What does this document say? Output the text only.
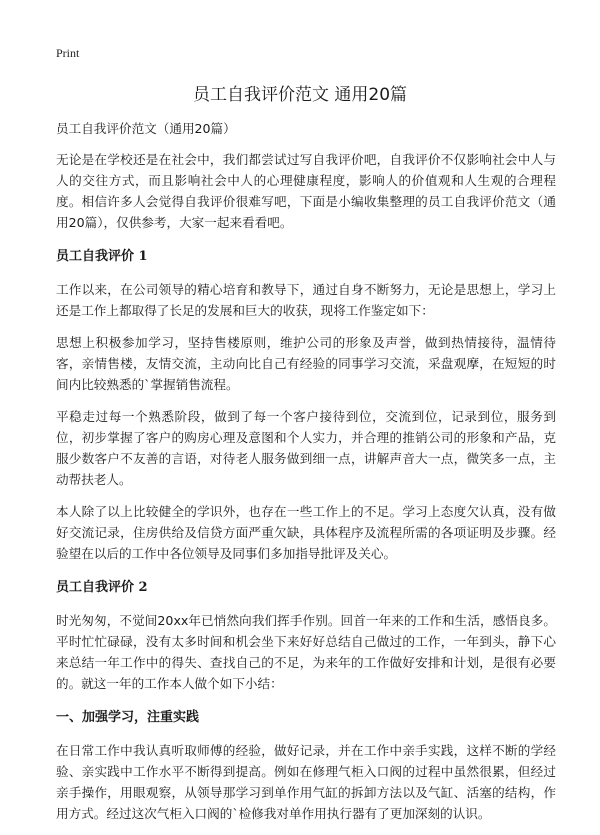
Print
员工自我评价范文 通用20篇

员工自我评价范文（通用20篇）

无论是在学校还是在社会中，我们都尝试过写自我评价吧，自我评价不仅影响社会中人与人的交往方式，而且影响社会中人的心理健康程度，影响人的价值观和人生观的合理程度。相信许多人会觉得自我评价很难写吧，下面是小编收集整理的员工自我评价范文（通用20篇），仅供参考，大家一起来看看吧。

员工自我评价 1

工作以来，在公司领导的精心培育和教导下，通过自身不断努力，无论是思想上，学习上还是工作上都取得了长足的发展和巨大的收获，现将工作鉴定如下：

思想上积极参加学习，坚持售楼原则，维护公司的形象及声誉，做到热情接待，温情待客，亲情售楼，友情交流，主动向比自己有经验的同事学习交流，采盘观摩，在短短的时间内比较熟悉的`掌握销售流程。

平稳走过每一个熟悉阶段，做到了每一个客户接待到位，交流到位，记录到位，服务到位，初步掌握了客户的购房心理及意图和个人实力，并合理的推销公司的形象和产品，克服少数客户不友善的言语，对待老人服务做到细一点，讲解声音大一点，微笑多一点，主动帮扶老人。

本人除了以上比较健全的学识外，也存在一些工作上的不足。学习上态度欠认真，没有做好交流记录，住房供给及信贷方面严重欠缺，具体程序及流程所需的各项证明及步骤。经验望在以后的工作中各位领导及同事们多加指导批评及关心。

员工自我评价 2

时光匆匆，不觉间20xx年已悄然向我们挥手作别。回首一年来的工作和生活，感悟良多。平时忙忙碌碌，没有太多时间和机会坐下来好好总结自己做过的工作，一年到头，静下心来总结一年工作中的得失、查找自己的不足，为来年的工作做好安排和计划，是很有必要的。就这一年的工作本人做个如下小结：

一、加强学习，注重实践

在日常工作中我认真听取师傅的经验，做好记录，并在工作中亲手实践，这样不断的学经验、亲实践中工作水平不断得到提高。例如在修理气柜入口阀的过程中虽然很累，但经过亲手操作，用眼观察，从领导那学习到单作用气缸的拆卸方法以及气缸、活塞的结构，作用方式。经过这次气柜入口阀的`检修我对单作用执行器有了更加深刻的认识。
